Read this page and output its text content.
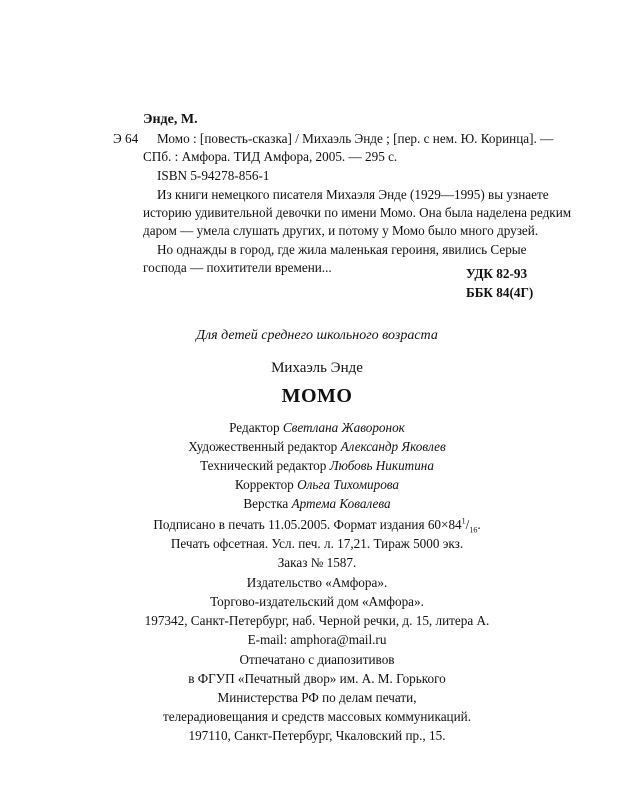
Энде, М.
Э 64 Момо : [повесть-сказка] / Михаэль Энде ; [пер. с нем. Ю. Коринца]. —
СПб. : Амфора. ТИД Амфора, 2005. — 295 с.
ISBN 5-94278-856-1
Из книги немецкого писателя Михаэля Энде (1929—1995) вы узнаете
историю удивительной девочки по имени Момо. Она была наделена редким
даром — умела слушать других, и потому у Момо было много друзей.
Но однажды в город, где жила маленькая героиня, явились Серые
господа — похитители времени...	УДК 82-93
ББК 84(4Г)
Для детей среднего школьного возраста
Михаэль Энде
МОМО
Редактор Светлана Жаворонок
Художественный редактор Александр Яковлев
Технический редактор Любовь Никитина
Корректор Ольга Тихомирова
Верстка Артема Ковалева
Подписано в печать 11.05.2005. Формат издания $60\times 84^1/_{16}$.
Печать офсетная. Усл. печ. л. 17,21. Тираж 5000 экз.
Заказ № 1587.
Издательство «Амфора».
Торгово-издательский дом «Амфора».
197342, Санкт-Петербург, наб. Черной речки, д. 15, литера А.
E-mail: amphora@mail.ru
Отпечатано с диапозитивов
в ФГУП «Печатный двор» им. А. М. Горького
Министерства РФ по делам печати,
телерадиовещания и средств массовых коммуникаций.
197110, Санкт-Петербург, Чкаловский пр., 15.
